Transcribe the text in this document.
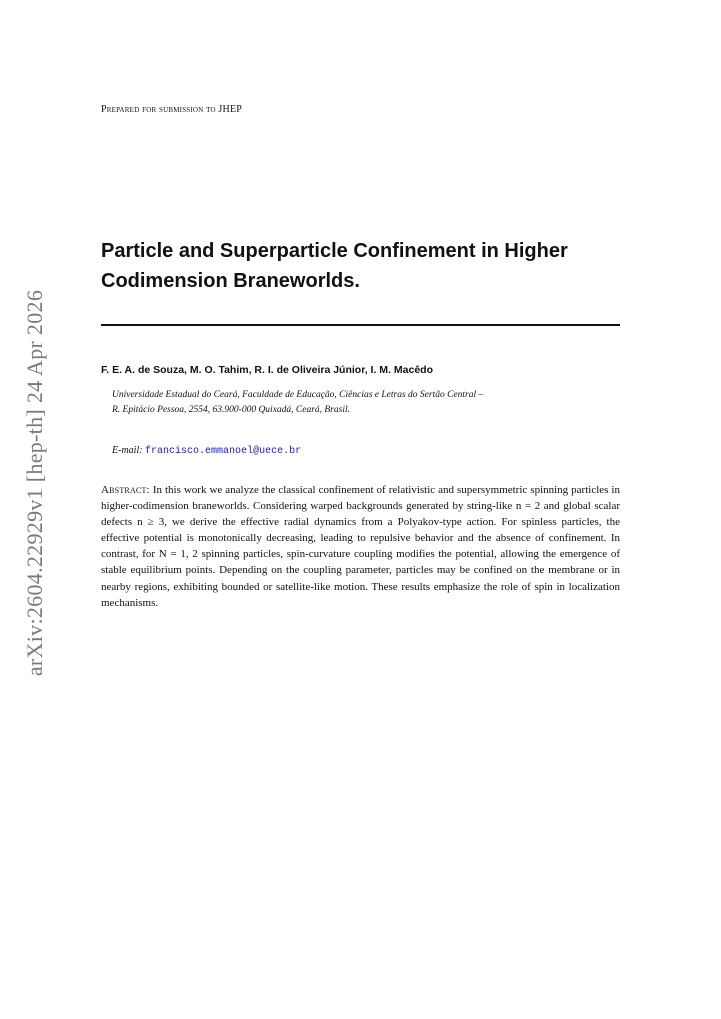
arXiv:2604.22929v1 [hep-th] 24 Apr 2026
Prepared for submission to JHEP
Particle and Superparticle Confinement in Higher
Codimension Braneworlds.
F. E. A. de Souza, M. O. Tahim, R. I. de Oliveira Júnior, I. M. Macêdo
Universidade Estadual do Ceará, Faculdade de Educação, Ciências e Letras do Sertão Central –
R. Epitácio Pessoa, 2554, 63.900-000 Quixadá, Ceará, Brasil.
E-mail: francisco.emmanoel@uece.br
Abstract: In this work we analyze the classical confinement of relativistic and supersymmetric spinning particles in higher-codimension braneworlds. Considering warped backgrounds generated by string-like n = 2 and global scalar defects n ≥ 3, we derive the effective radial dynamics from a Polyakov-type action. For spinless particles, the effective potential is monotonically decreasing, leading to repulsive behavior and the absence of confinement. In contrast, for N = 1, 2 spinning particles, spin-curvature coupling modifies the potential, allowing the emergence of stable equilibrium points. Depending on the coupling parameter, particles may be confined on the membrane or in nearby regions, exhibiting bounded or satellite-like motion. These results emphasize the role of spin in localization mechanisms.
